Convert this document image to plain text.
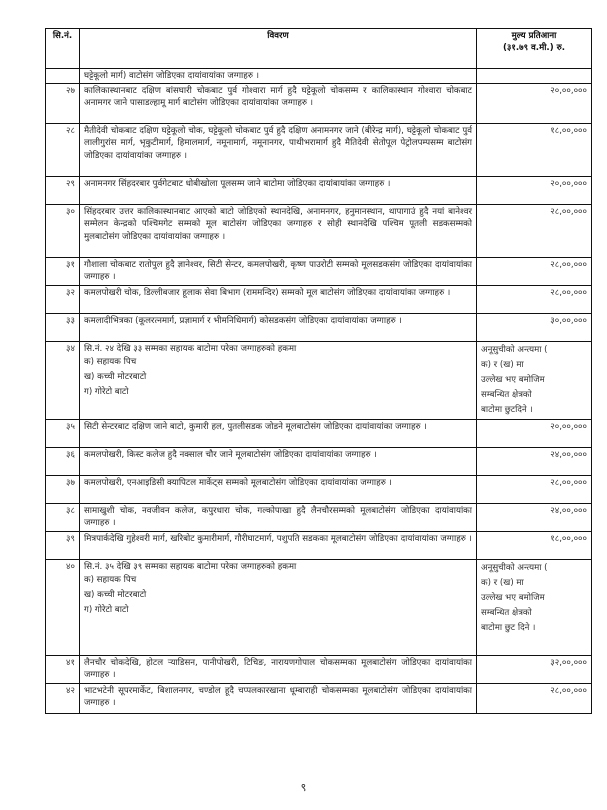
सि.नं.	विवरण	मुल्य प्रतिआना
(३१.७९ व.मी.) रु.

	घट्टेकूलो मार्ग) वाटोसंग जोडिएका दायांवायांका जग्गाहरु ।	
२७	कालिकास्थानबाट दक्षिण बांसघारी चोकबाट पुर्व गोश्वारा मार्ग हुदै घट्टेकूलो चोकसम्म र कालिकास्थान गोश्वारा चोकबाट अनामगर जाने पासाडल्हामू मार्ग बाटोसंग जोडिएका दायांवायांका जग्गाहरु ।	२०,००,०००
२८	मैतीदेवी चोकबाट दक्षिण घट्टेकूलो चोक, घट्टेकूलो चोकबाट पुर्व हुदै दक्षिण अनामनगर जाने (बीरेन्द्र मार्ग), घट्टेकूलो चोकबाट पुर्व लालीगुरांस मार्ग, भृकुटीमार्ग, हिमालमार्ग, नमूनामार्ग, नमूनानगर, पाथीभरामार्ग हुदै मैतिदेवी सेतोपूल पेट्रोलपम्पसम्म बाटोसंग जोडिएका दायांवायांका जग्गाहरु ।	१८,००,०००
२९	अनामनगर सिंहदरबार पुर्वगेटबाट धोबीखोला पूलसम्म जाने बाटोमा जोडिएका दायांबायांका जग्गाहरु ।	२०,००,०००
३०	सिंहदरबार उत्तर कालिकास्थानबाट आएको बाटो जोडिएको स्थानदेखि, अनामनगर, हनुमानस्थान, थापागाउं हुदै नयां बानेश्वर सम्मेलन केन्द्रको पश्चिमगेट सम्मको मूल बाटोसंग जोडिएका जग्गाहरु र सोही स्थानदेखि पश्चिम पूतली सडकसम्मको मुलबाटोसंग जोडिएका दायांवायांका जग्गाहरु ।	२८,००,०००
३१	गौशाला चोकबाट रातोपुल हुदै ज्ञानेश्वर, सिटी सेन्टर, कमलपोखरी, कृष्ण पाउरोटी सम्मको मूलसडकसंग जोडिएका दायांवायांका जग्गाहरु ।	२८,००,०००
३२	कमलपोखरी चोक, डिल्लीबजार हूलाक सेवा बिभाग (राममन्दिर) सम्मको मूल बाटोसंग जोडिएका दायांवायांका जग्गाहरु ।	२८,००,०००
३३	कमलादीभित्रका (कूलरत्नमार्ग, प्रज्ञामार्ग र भीमनिधिमार्ग) कोसडकसंग जोडिएका दायांवायांका जग्गाहरु ।	३०,००,०००
३४	सि.नं. २४ देखि ३३ सम्मका सहायक बाटोमा परेका जग्गाहरुको हकमा
क) सहायक पिच
ख) कच्ची मोटरबाटो
ग) गोरेटो बाटो	अनूसुचीको अन्त्यमा (
क) र (ख) मा
उल्लेख भए बमोजिम
सम्बन्धित क्षेत्रको
बाटोमा छुटदिने ।

३५	सिटी सेन्टरबाट दक्षिण जाने बाटो, कुमारी हल, पुतलीसडक जोडने मूलबाटोसंग जोडिएका दायांवायांका जग्गाहरु ।	२०,००,०००
३६	कमलपोखरी, किस्ट कलेज हुदै नक्साल चौर जाने मूलबाटोसंग जोडिएका दायांवायांका जग्गाहरु ।	२४,००,०००
३७	कमलपोखरी, एनआइडिसी क्यापिटल मार्केट्स सम्मको मूलबाटोसंग जोडिएका दायांवायांका जग्गाहरु ।	२८,००,०००
३८	सामाखुशी चोक, नवजीवन कलेज, कपुरधारा चोक, गल्कोपाखा हुदै लैनचौरसम्मको मूलबाटोसंग जोडिएका दायांवायांका जग्गाहरु ।	२४,००,०००
३९	मित्रपार्कदेखि गुहेश्वरी मार्ग, खरिबोट कुमारीमार्ग, गौरीघाटमार्ग, पशुपति सडकका मूलबाटोसंग जोडिएका दायांवायांका जग्गाहरु ।	१८,००,०००
४०	सि.नं. ३५ देखि ३९ सम्मका सहायक बाटोमा परेका जग्गाहरुको हकमा
क) सहायक पिच
ख) कच्ची मोटरबाटो
ग) गोरेटो बाटो	अनूसुचीको अन्त्यमा (
क) र (ख) मा
उल्लेख भए बमोजिम
सम्बन्धित क्षेत्रको
बाटोमा छुट दिने ।

४१	लैनचौर चोकदेखि, होटल र्‍याडिसन, पानीपोखरी, टिचिङ, नारायणगोपाल चोकसम्मका मूलबाटोसंग जोडिएका दायांवायांका जग्गाहरु ।	३२,००,०००
४२	भाटभटेनी सूपरमार्केट, बिशालनगर, चण्डोल हूदै चप्पलकारखाना धूम्बाराही चोकसम्मका मूलबाटोसंग जोडिएका दायांवायांका जग्गाहरु ।	२८,००,०००
९
